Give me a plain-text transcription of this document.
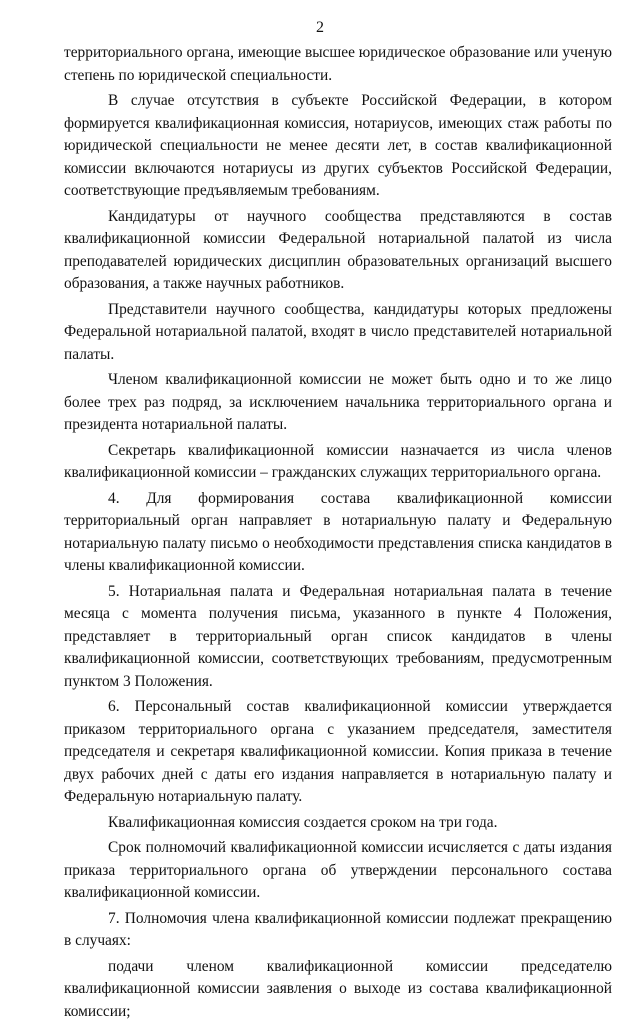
2

территориального органа, имеющие высшее юридическое образование или ученую степень по юридической специальности.

В случае отсутствия в субъекте Российской Федерации, в котором формируется квалификационная комиссия, нотариусов, имеющих стаж работы по юридической специальности не менее десяти лет, в состав квалификационной комиссии включаются нотариусы из других субъектов Российской Федерации, соответствующие предъявляемым требованиям.

Кандидатуры от научного сообщества представляются в состав квалификационной комиссии Федеральной нотариальной палатой из числа преподавателей юридических дисциплин образовательных организаций высшего образования, а также научных работников.

Представители научного сообщества, кандидатуры которых предложены Федеральной нотариальной палатой, входят в число представителей нотариальной палаты.

Членом квалификационной комиссии не может быть одно и то же лицо более трех раз подряд, за исключением начальника территориального органа и президента нотариальной палаты.

Секретарь квалификационной комиссии назначается из числа членов квалификационной комиссии – гражданских служащих территориального органа.

4. Для формирования состава квалификационной комиссии территориальный орган направляет в нотариальную палату и Федеральную нотариальную палату письмо о необходимости представления списка кандидатов в члены квалификационной комиссии.

5. Нотариальная палата и Федеральная нотариальная палата в течение месяца с момента получения письма, указанного в пункте 4 Положения, представляет в территориальный орган список кандидатов в члены квалификационной комиссии, соответствующих требованиям, предусмотренным пунктом 3 Положения.

6. Персональный состав квалификационной комиссии утверждается приказом территориального органа с указанием председателя, заместителя председателя и секретаря квалификационной комиссии. Копия приказа в течение двух рабочих дней с даты его издания направляется в нотариальную палату и Федеральную нотариальную палату.

Квалификационная комиссия создается сроком на три года.

Срок полномочий квалификационной комиссии исчисляется с даты издания приказа территориального органа об утверждении персонального состава квалификационной комиссии.

7. Полномочия члена квалификационной комиссии подлежат прекращению в случаях:

подачи членом квалификационной комиссии председателю квалификационной комиссии заявления о выходе из состава квалификационной комиссии;
